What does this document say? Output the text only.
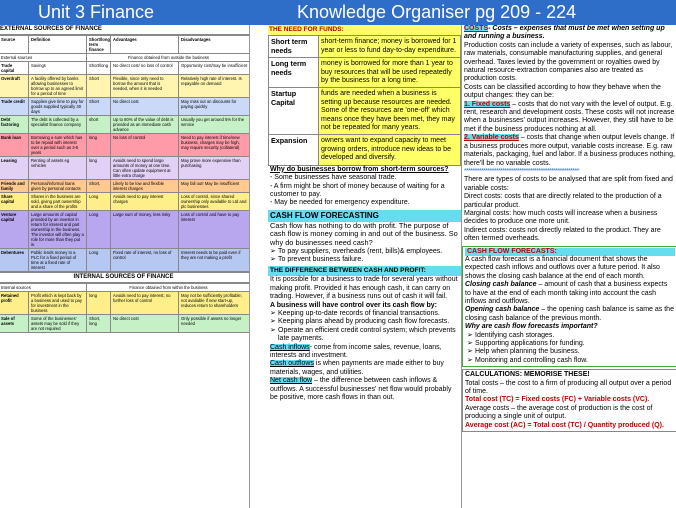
Unit 3 Finance	Knowledge Organiser pg 209 - 224
EXTERNAL SOURCES OF FINANCE
Source	Definition	Short/long term finance	Advantages	Disadvantages
External sources		Finance obtained from outside the business		
Trade capital	Savings	Short/long	No direct cost/ no loss of control	Opportunity cost/may be insufficient
Overdraft	A facility offered by banks allowing businesses to borrow up to an agreed limit for a period of time	Short	Flexible, since only need to borrow the amount that is needed, when it is needed	Relatively high rate of interest. Is repayable on demand
Trade credit	Supplies give time to pay for goods supplied typically 30 days	Short	No direct cost	May miss out on discounts for paying quickly
Debt factoring	The debt is collected by a specialist finance company	short	Up to 80% of the value of debt is provided as an immediate cash advance	Usually you get around 5% for the service
Bank loan	Borrowing a sum which has to be repaid with interest over a period such as 3-5 years	long	No loss of control	Need to pay interest if time/new business, charges may be high, may require security (collateral)
Leasing	Renting of assets eg vehicles	long	Avoids need to spend large amounts of money at one time. Can often update equipment at little extra charge	May prove more expensive than purchasing
Friends and family	Personal/informal loans given by personal contacts	Short,	Likely to be low and flexible interest charges	May fall out! May be insufficient
Share capital	Shares in the business are sold, giving part ownership and a share of the profits	Long	Avoids need to pay interest charges	Loss of control, since shared ownership only available to Ltd and plc businesses
Venture capital	Large amounts of capital provided by an investor in return for interest and part ownership in the business. The investor will often play a role for more than they put in.	Long	Large sum of money, less risky	Loss of control and have to pay interest
Debentures	Public lends money to a PLC for a fixed period of time at a fixed rate of interest	Long	Fixed rate of interest, no loss of control	Interest needs to be paid even if they are not making a profit
INTERNAL SOURCES OF FINANCE
Internal sources		Finance obtained from within the business		
Retained profit	Profit which is kept back by a business and used to pay for investment in the business	long	Avoids need to pay interest; no further loss of control	May not be sufficiently profitable; not available if new start-up, reduces return to shareholders
Sale of assets	Some of the businesses' assets may be sold if they are not required	Short, long	No direct cost	Only possible if assets no longer needed
THE NEED FOR FUNDS:
Short term needs	short-term finance; money is borrowed for 1 year or less to fund day-to-day expenditure.
Long term needs	money is borrowed for more than 1 year to buy resources that will be used repeatedly by the business for a long time.
Startup Capital	funds are needed when a business is setting up because resources are needed. Some of the resources are 'one-off' which means once they have been met, they may not be repeated for many years.
Expansion	owners want to expand capacity to meet growing orders, introduce new ideas to be developed and diversify.
Why do businesses borrow from short-term sources?
- Some businesses have seasonal trade.
- A firm might be short of money because of waiting for a customer to pay.
- May be needed for emergency expenditure.
CASH FLOW FORECASTING
Cash flow has nothing to do with profit. The purpose of cash flow is money coming in and out of the business. So why do businesses need cash?
➢ To pay suppliers, overheads (rent, bills)& employees.
➢ To prevent business failure.
THE DIFFERENCE BETWEEN CASH AND PROFIT:
It is possible for a business to trade for several years without making profit. Provided it has enough cash, it can carry on trading. However, if a business runs out of cash it will fail.
A business will have control over its cash flow by:
➢ Keeping up-to-date records of financial transactions.
➢ Keeping plans ahead by producing cash flow forecasts.
➢ Operate an efficient credit control system; which prevents late payments.
Cash inflows- come from income sales, revenue, loans, interests and investment.
Cash outflows is when payments are made either to buy materials, wages, and utilities.
Net cash flow – the difference between cash inflows & outflows. A successful businesses' net flow would probably be positive, more cash flows in than out.
COSTS- Costs – expenses that must be met when setting up and running a business.
Production costs can include a variety of expenses, such as labour, raw materials, consumable manufacturing supplies, and general overhead. Taxes levied by the government or royalties owed by natural resource-extraction companies also are treated as production costs.
Costs can be classified according to how they behave when the output changes: they can be:
1. Fixed costs – costs that do not vary with the level of output. E.g. rent, research and development costs. These costs will not increase when a businesses' output increases. However, they still have to be met if the business produces nothing at all.
2. Variable costs – costs that change when output levels change. If a business produces more output, variable costs increase. E.g. raw materials, packaging, fuel and labor. If a business produces nothing, there'll be no variable costs.
******************************************************
There are types of costs to be analysed that are split from fixed and variable costs:
Direct costs: costs that are directly related to the production of a particular product.
Marginal costs: how much costs will increase when a business decides to produce one more unit.
Indirect costs: costs not directly related to the product. They are often termed overheads.
CASH FLOW FORECASTS:
A cash flow forecast is a financial document that shows the expected cash inflows and outflows over a future period. It also shows the closing cash balance at the end of each month.
Closing cash balance – amount of cash that a business expects to have at the end of each month taking into account the cash inflows and outflows.
Opening cash balance – the opening cash balance is same as the closing cash balance of the previous month.
Why are cash flow forecasts important?
➢ Identifying cash storages.
➢ Supporting applications for funding.
➢ Help when planning the business.
➢ Monitoring and controlling cash flow.
CALCULATIONS: MEMORISE THESE!
Total costs – the cost to a firm of producing all output over a period of time.
Total cost (TC) = Fixed costs (FC) + Variable costs (VC).
Average costs – the average cost of production is the cost of producing a single unit of output.
Average cost (AC) = Total cost (TC) / Quantity produced (Q).
